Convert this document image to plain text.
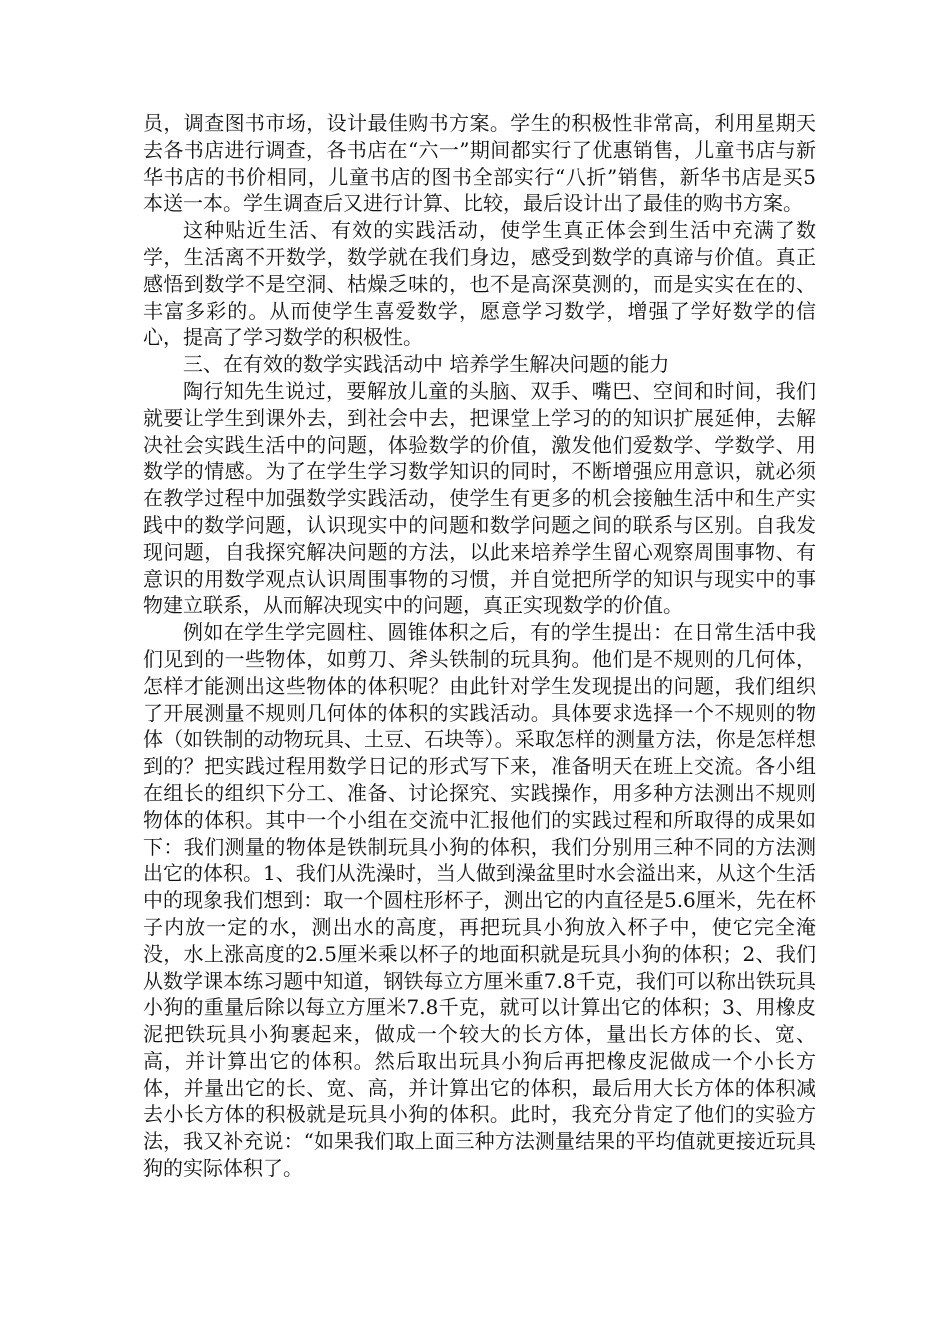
员，调查图书市场，设计最佳购书方案。学生的积极性非常高，利用星期天去各书店进行调查，各书店在“六一”期间都实行了优惠销售，儿童书店与新华书店的书价相同，儿童书店的图书全部实行“八折”销售，新华书店是买5本送一本。学生调查后又进行计算、比较，最后设计出了最佳的购书方案。

这种贴近生活、有效的实践活动，使学生真正体会到生活中充满了数学，生活离不开数学，数学就在我们身边，感受到数学的真谛与价值。真正感悟到数学不是空洞、枯燥乏味的，也不是高深莫测的，而是实实在在的、丰富多彩的。从而使学生喜爱数学，愿意学习数学，增强了学好数学的信心，提高了学习数学的积极性。

三、在有效的数学实践活动中 培养学生解决问题的能力

陶行知先生说过，要解放儿童的头脑、双手、嘴巴、空间和时间，我们就要让学生到课外去，到社会中去，把课堂上学习的的知识扩展延伸，去解决社会实践生活中的问题，体验数学的价值，激发他们爱数学、学数学、用数学的情感。为了在学生学习数学知识的同时，不断增强应用意识，就必须在教学过程中加强数学实践活动，使学生有更多的机会接触生活中和生产实践中的数学问题，认识现实中的问题和数学问题之间的联系与区别。自我发现问题，自我探究解决问题的方法，以此来培养学生留心观察周围事物、有意识的用数学观点认识周围事物的习惯，并自觉把所学的知识与现实中的事物建立联系，从而解决现实中的问题，真正实现数学的价值。

例如在学生学完圆柱、圆锥体积之后，有的学生提出：在日常生活中我们见到的一些物体，如剪刀、斧头铁制的玩具狗。他们是不规则的几何体，怎样才能测出这些物体的体积呢？由此针对学生发现提出的问题，我们组织了开展测量不规则几何体的体积的实践活动。具体要求选择一个不规则的物体（如铁制的动物玩具、土豆、石块等）。采取怎样的测量方法，你是怎样想到的？把实践过程用数学日记的形式写下来，准备明天在班上交流。各小组在组长的组织下分工、准备、讨论探究、实践操作，用多种方法测出不规则物体的体积。其中一个小组在交流中汇报他们的实践过程和所取得的成果如下：我们测量的物体是铁制玩具小狗的体积，我们分别用三种不同的方法测出它的体积。1、我们从洗澡时，当人做到澡盆里时水会溢出来，从这个生活中的现象我们想到：取一个圆柱形杯子，测出它的内直径是5.6厘米，先在杯子内放一定的水，测出水的高度，再把玩具小狗放入杯子中，使它完全淹没，水上涨高度的2.5厘米乘以杯子的地面积就是玩具小狗的体积；2、我们从数学课本练习题中知道，钢铁每立方厘米重7.8千克，我们可以称出铁玩具小狗的重量后除以每立方厘米7.8千克，就可以计算出它的体积；3、用橡皮泥把铁玩具小狗裹起来，做成一个较大的长方体，量出长方体的长、宽、高，并计算出它的体积。然后取出玩具小狗后再把橡皮泥做成一个小长方体，并量出它的长、宽、高，并计算出它的体积，最后用大长方体的体积减去小长方体的积极就是玩具小狗的体积。此时，我充分肯定了他们的实验方法，我又补充说：“如果我们取上面三种方法测量结果的平均值就更接近玩具狗的实际体积了。
